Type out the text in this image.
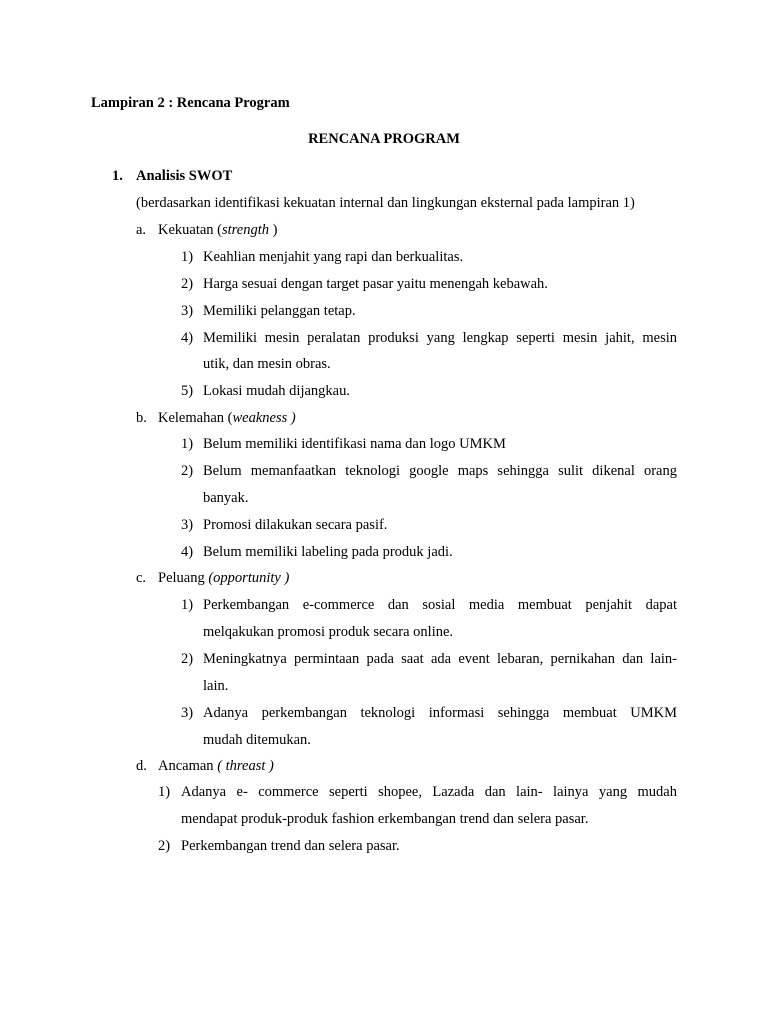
Lampiran 2 : Rencana Program
RENCANA PROGRAM
1. Analisis SWOT
(berdasarkan identifikasi kekuatan internal dan lingkungan eksternal pada lampiran 1)
a. Kekuatan (strength )
1) Keahlian menjahit yang rapi dan berkualitas.
2) Harga sesuai dengan target pasar yaitu menengah kebawah.
3) Memiliki pelanggan tetap.
4) Memiliki mesin peralatan produksi yang lengkap seperti mesin jahit, mesin
utik, dan mesin obras.
5) Lokasi mudah dijangkau.
b. Kelemahan (weakness )
1) Belum memiliki identifikasi nama dan logo UMKM
2) Belum memanfaatkan teknologi google maps sehingga sulit dikenal orang
banyak.
3) Promosi dilakukan secara pasif.
4) Belum memiliki labeling pada produk jadi.
c. Peluang (opportunity )
1) Perkembangan e-commerce dan sosial media membuat penjahit dapat
melqakukan promosi produk secara online.
2) Meningkatnya permintaan pada saat ada event lebaran, pernikahan dan lain-
lain.
3) Adanya perkembangan teknologi informasi sehingga membuat UMKM
mudah ditemukan.
d. Ancaman ( threast )
1) Adanya e- commerce seperti shopee, Lazada dan lain- lainya yang mudah
mendapat produk-produk fashion erkembangan trend dan selera pasar.
2) Perkembangan trend dan selera pasar.
